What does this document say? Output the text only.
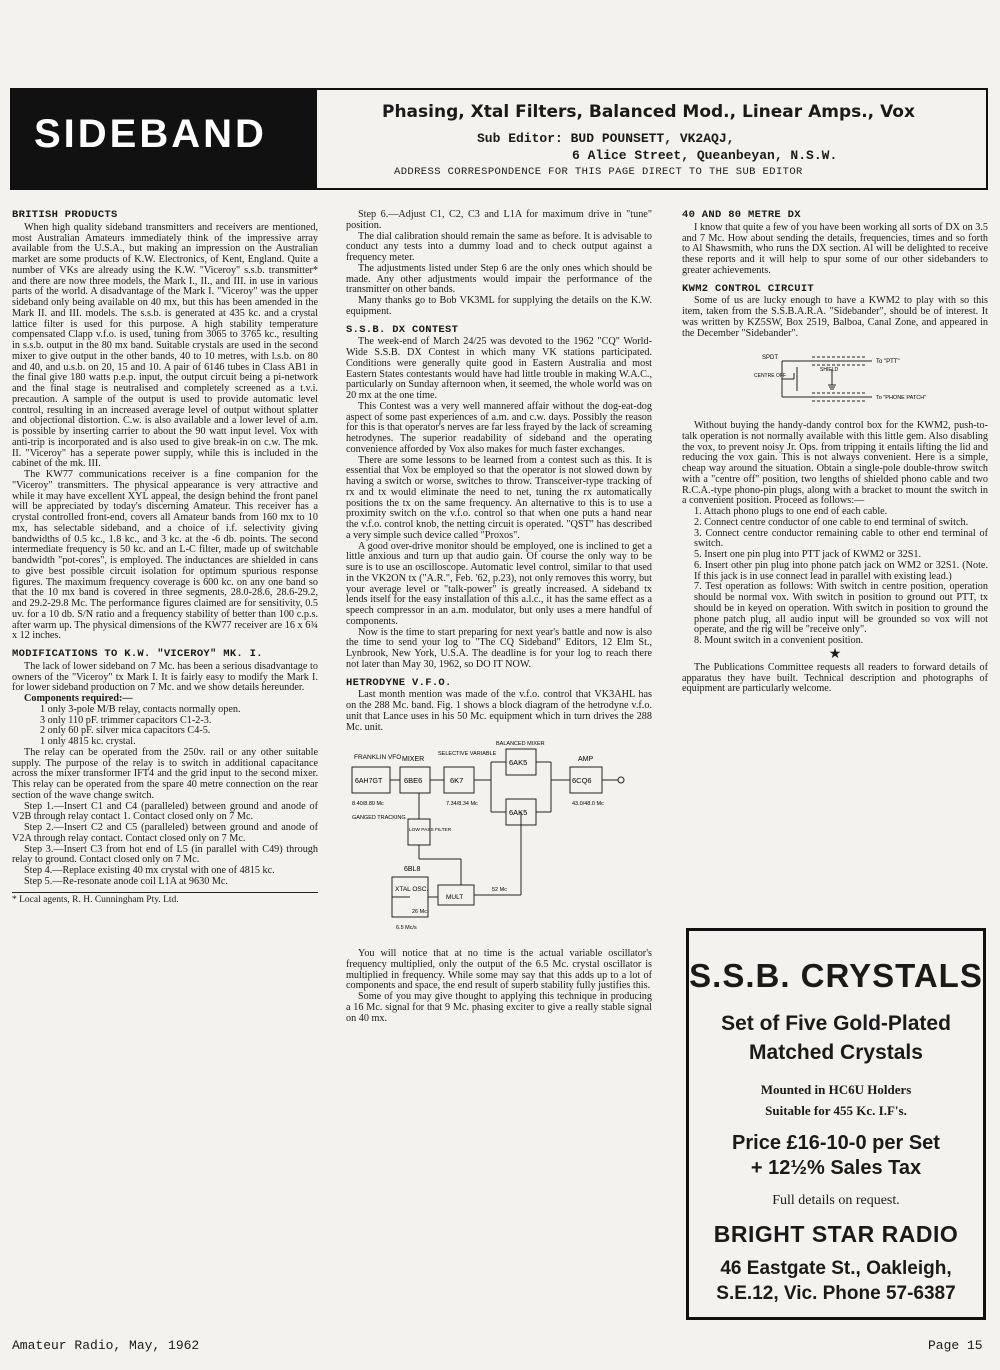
SIDEBAND	Phasing, Xtal Filters, Balanced Mod., Linear Amps., Vox
Sub Editor: BUD POUNSETT, VK2AQJ,
6 Alice Street, Queanbeyan, N.S.W.
ADDRESS CORRESPONDENCE FOR THIS PAGE DIRECT TO THE SUB EDITOR
BRITISH PRODUCTS

When high quality sideband transmitters and receivers are mentioned, most Australian Amateurs immediately think of the impressive array available from the U.S.A., but making an impression on the Australian market are some products of K.W. Electronics, of Kent, England. Quite a number of VKs are already using the K.W. "Viceroy" s.s.b. transmitter* and there are now three models, the Mark I., II., and III. in use in various parts of the world. A disadvantage of the Mark I. "Viceroy" was the upper sideband only being available on 40 mx, but this has been amended in the Mark II. and III. models. The s.s.b. is generated at 435 kc. and a crystal lattice filter is used for this purpose. A high stability temperature compensated Clapp v.f.o. is used, tuning from 3065 to 3765 kc., resulting in s.s.b. output in the 80 mx band. Suitable crystals are used in the second mixer to give output in the other bands, 40 to 10 metres, with l.s.b. on 80 and 40, and u.s.b. on 20, 15 and 10. A pair of 6146 tubes in Class AB1 in the final give 180 watts p.e.p. input, the output circuit being a pi-network and the final stage is neutralised and completely screened as a t.v.i. precaution. A sample of the output is used to provide automatic level control, resulting in an increased average level of output without splatter and objectional distortion. C.w. is also available and a lower level of a.m. is possible by inserting carrier to about the 90 watt input level. Vox with anti-trip is incorporated and is also used to give break-in on c.w. The mk. II. "Viceroy" has a seperate power supply, while this is included in the cabinet of the mk. III.

The KW77 communications receiver is a fine companion for the "Viceroy" transmitters. The physical appearance is very attractive and while it may have excellent XYL appeal, the design behind the front panel will be appreciated by today's discerning Amateur. This receiver has a crystal controlled front-end, covers all Amateur bands from 160 mx to 10 mx, has selectable sideband, and a choice of i.f. selectivity giving bandwidths of 0.5 kc., 1.8 kc., and 3 kc. at the -6 db. points. The second intermediate frequency is 50 kc. and an L-C filter, made up of switchable bandwidth "pot-cores", is employed. The inductances are shielded in cans to give best possible circuit isolation for optimum spurious response figures. The maximum frequency coverage is 600 kc. on any one band so that the 10 mx band is covered in three segments, 28.0-28.6, 28.6-29.2, and 29.2-29.8 Mc. The performance figures claimed are for sensitivity, 0.5 uv. for a 10 db. S/N ratio and a frequency stability of better than 100 c.p.s. after warm up. The physical dimensions of the KW77 receiver are 16 x 6¾ x 12 inches.

MODIFICATIONS TO K.W. "VICEROY" MK. I.

The lack of lower sideband on 7 Mc. has been a serious disadvantage to owners of the "Viceroy" tx Mark I. It is fairly easy to modify the Mark I. for lower sideband production on 7 Mc. and we show details hereunder.

Components required:—

1 only 3-pole M/B relay, contacts normally open.

3 only 110 pF. trimmer capacitors C1-2-3.

2 only 60 pF. silver mica capacitors C4-5.

1 only 4815 kc. crystal.

The relay can be operated from the 250v. rail or any other suitable supply. The purpose of the relay is to switch in additional capacitance across the mixer transformer IFT4 and the grid input to the second mixer. This relay can be operated from the spare 40 metre connection on the rear section of the wave change switch.

Step 1.—Insert C1 and C4 (paralleled) between ground and anode of V2B through relay contact 1. Contact closed only on 7 Mc.

Step 2.—Insert C2 and C5 (paralleled) between ground and anode of V2A through relay contact. Contact closed only on 7 Mc.

Step 3.—Insert C3 from hot end of L5 (in parallel with C49) through relay to ground. Contact closed only on 7 Mc.

Step 4.—Replace existing 40 mx crystal with one of 4815 kc.

Step 5.—Re-resonate anode coil L1A at 9630 Mc.

* Local agents, R. H. Cunningham Pty. Ltd.

Step 6.—Adjust C1, C2, C3 and L1A for maximum drive in "tune" position.

The dial calibration should remain the same as before. It is advisable to conduct any tests into a dummy load and to check output against a frequency meter.

The adjustments listed under Step 6 are the only ones which should be made. Any other adjustments would impair the performance of the transmitter on other bands.

Many thanks go to Bob VK3ML for supplying the details on the K.W. equipment.

S.S.B. DX CONTEST

The week-end of March 24/25 was devoted to the 1962 "CQ" World-Wide S.S.B. DX Contest in which many VK stations participated. Conditions were generally quite good in Eastern Australia and most Eastern States contestants would have had little trouble in making W.A.C., particularly on Sunday afternoon when, it seemed, the whole world was on 20 mx at the one time.

This Contest was a very well mannered affair without the dog-eat-dog aspect of some past experiences of a.m. and c.w. days. Possibly the reason for this is that operator's nerves are far less frayed by the lack of screaming hetrodynes. The superior readability of sideband and the operating convenience afforded by Vox also makes for much faster exchanges.

There are some lessons to be learned from a contest such as this. It is essential that Vox be employed so that the operator is not slowed down by having a switch or worse, switches to throw. Transceiver-type tracking of rx and tx would eliminate the need to net, tuning the rx automatically positions the tx on the same frequency. An alternative to this is to use a proximity switch on the v.f.o. control so that when one puts a hand near the v.f.o. control knob, the netting circuit is operated. "QST" has described a very simple such device called "Proxos".

A good over-drive monitor should be employed, one is inclined to get a little anxious and turn up that audio gain. Of course the only way to be sure is to use an oscilloscope. Automatic level control, similar to that used in the VK2ON tx ("A.R.", Feb. '62, p.23), not only removes this worry, but your average level or "talk-power" is greatly increased. A sideband tx lends itself for the easy installation of this a.l.c., it has the same effect as a speech compressor in an a.m. modulator, but only uses a mere handful of components.

Now is the time to start preparing for next year's battle and now is also the time to send your log to "The CQ Sideband" Editors, 12 Elm St., Lynbrook, New York, U.S.A. The deadline is for your log to reach there not later than May 30, 1962, so DO IT NOW.

HETRODYNE V.F.O.

Last month mention was made of the v.f.o. control that VK3AHL has on the 288 Mc. band. Fig. 1 shows a block diagram of the hetrodyne v.f.o. unit that Lance uses in his 50 Mc. equipment which in turn drives the 288 Mc. unit.

FRANKLIN VFO
6AH7GT
MIXER
6BE6
SELECTIVE VARIABLE
6K7
BALANCED MIXER
6AK5
6AK5
AMP
6CQ6
8.40/8.80 Mc	7.34/8.34 Mc	43.0/48.0 Mc
GANGED TRACKING
LOW PASS FILTER
6BL8
XTAL OSC.
26 Mc
MULT
52 Mc
6.5 Mc/s

You will notice that at no time is the actual variable oscillator's frequency multiplied, only the output of the 6.5 Mc. crystal oscillator is multiplied in frequency. While some may say that this adds up to a lot of components and space, the end result of superb stability fully justifies this.

Some of you may give thought to applying this technique in producing a 16 Mc. signal for that 9 Mc. phasing exciter to give a really stable signal on 40 mx.

40 AND 80 METRE DX

I know that quite a few of you have been working all sorts of DX on 3.5 and 7 Mc. How about sending the details, frequencies, times and so forth to Al Shawsmith, who runs the DX section. Al will be delighted to receive these reports and it will help to spur some of our other sidebanders to greater achievements.

KWM2 CONTROL CIRCUIT

Some of us are lucky enough to have a KWM2 to play with so this item, taken from the S.S.B.A.R.A. "Sidebander", should be of interest. It was written by KZ5SW, Box 2519, Balboa, Canal Zone, and appeared in the December "Sidebander".

SPDT
CENTRE OFF
SHIELD
To "PTT"
To "PHONE PATCH"

Without buying the handy-dandy control box for the KWM2, push-to-talk operation is not normally available with this little gem. Also disabling the vox, to prevent noisy Jr. Ops. from tripping it entails lifting the lid and reducing the vox gain. This is not always convenient. Here is a simple, cheap way around the situation. Obtain a single-pole double-throw switch with a "centre off" position, two lengths of shielded phono cable and two R.C.A.-type phono-pin plugs, along with a bracket to mount the switch in a convenient position. Proceed as follows:—

1. Attach phono plugs to one end of each cable.

2. Connect centre conductor of one cable to end terminal of switch.

3. Connect centre conductor remaining cable to other end terminal of switch.

5. Insert one pin plug into PTT jack of KWM2 or 32S1.

6. Insert other pin plug into phone patch jack on WM2 or 32S1. (Note. If this jack is in use connect lead in parallel with existing lead.)

7. Test operation as follows: With switch in centre position, operation should be normal vox. With switch in position to ground out PTT, tx should be in keyed on operation. With switch in position to ground the phone patch plug, all audio input will be grounded so vox will not operate, and the rig will be "receive only".

8. Mount switch in a convenient position.

★

The Publications Committee requests all readers to forward details of apparatus they have built. Technical description and photographs of equipment are particularly welcome.

S.S.B. CRYSTALS
Set of Five Gold-Plated
Matched Crystals
Mounted in HC6U Holders
Suitable for 455 Kc. I.F's.
Price £16-10-0 per Set
+ 12½% Sales Tax
Full details on request.
BRIGHT STAR RADIO
46 Eastgate St., Oakleigh,
S.E.12, Vic. Phone 57-6387
Amateur Radio, May, 1962	Page 15
